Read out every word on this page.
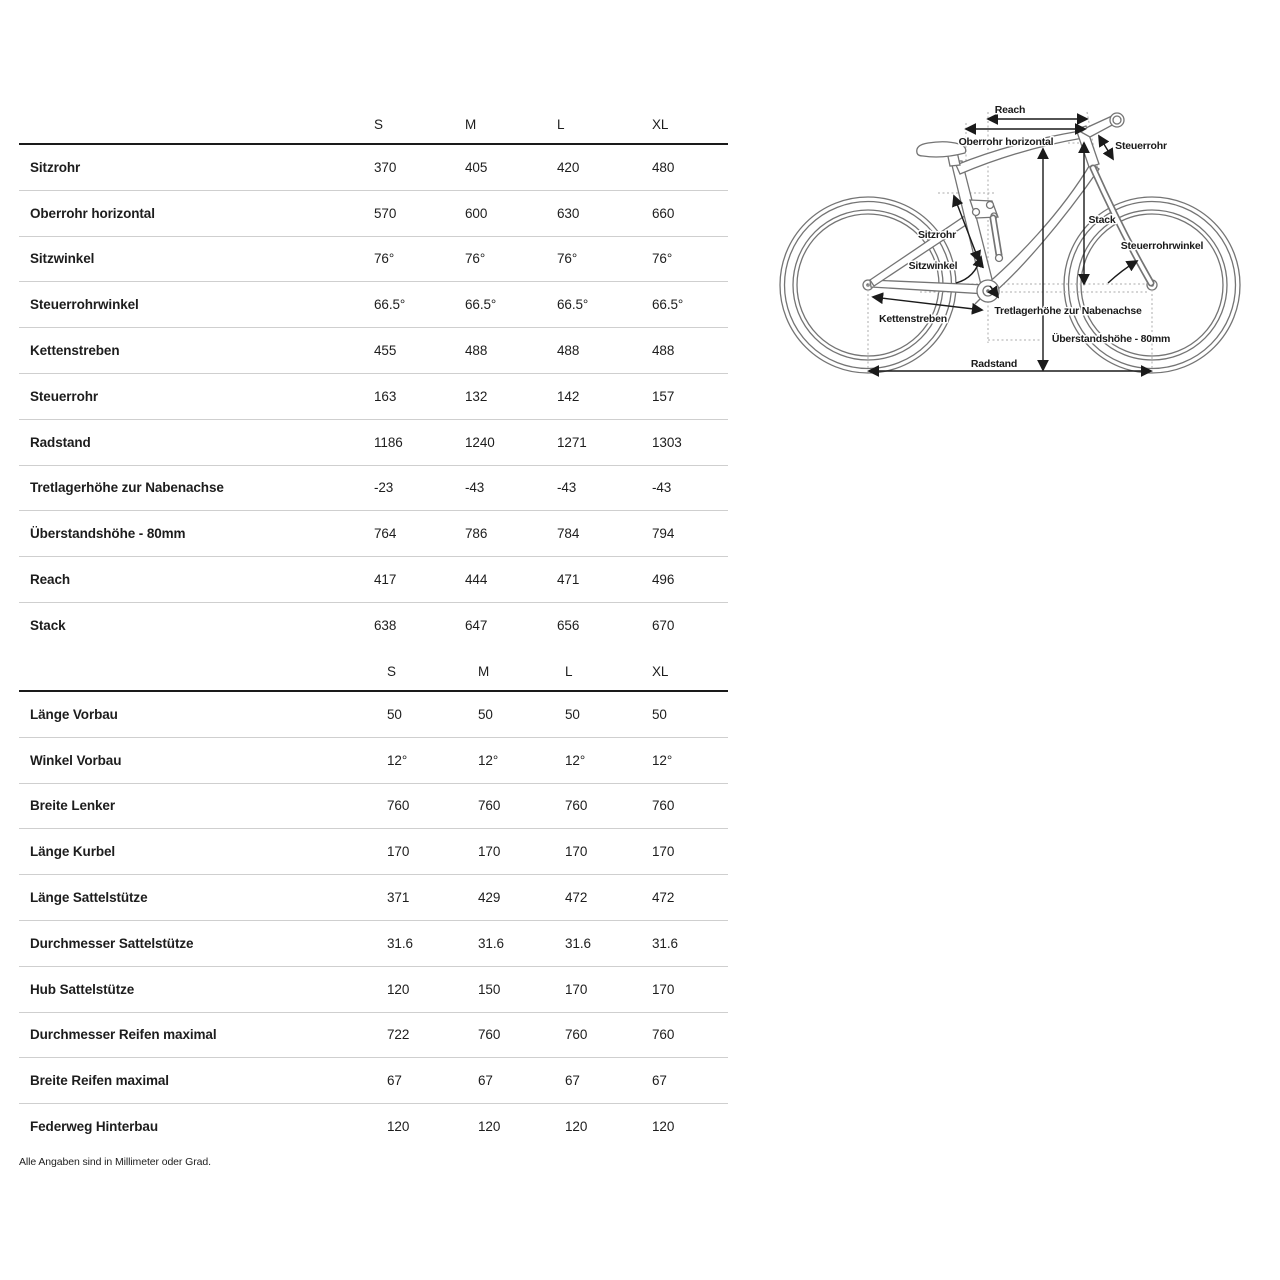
S	M	L	XL
Sitzrohr	370	405	420	480
Oberrohr horizontal	570	600	630	660
Sitzwinkel	76°	76°	76°	76°
Steuerrohrwinkel	66.5°	66.5°	66.5°	66.5°
Kettenstreben	455	488	488	488
Steuerrohr	163	132	142	157
Radstand	1186	1240	1271	1303
Tretlagerhöhe zur Nabenachse	-23	-43	-43	-43
Überstandshöhe - 80mm	764	786	784	794
Reach	417	444	471	496
Stack	638	647	656	670
S	M	L	XL
Länge Vorbau	50	50	50	50
Winkel Vorbau	12°	12°	12°	12°
Breite Lenker	760	760	760	760
Länge Kurbel	170	170	170	170
Länge Sattelstütze	371	429	472	472
Durchmesser Sattelstütze	31.6	31.6	31.6	31.6
Hub Sattelstütze	120	150	170	170
Durchmesser Reifen maximal	722	760	760	760
Breite Reifen maximal	67	67	67	67
Federweg Hinterbau	120	120	120	120
Alle Angaben sind in Millimeter oder Grad.
Reach
Oberrohr horizontal	Steuerrohr
Sitzrohr
Stack
Sitzwinkel
Steuerrohrwinkel
Kettenstreben
Tretlagerhöhe zur Nabenachse
Überstandshöhe - 80mm
Radstand
